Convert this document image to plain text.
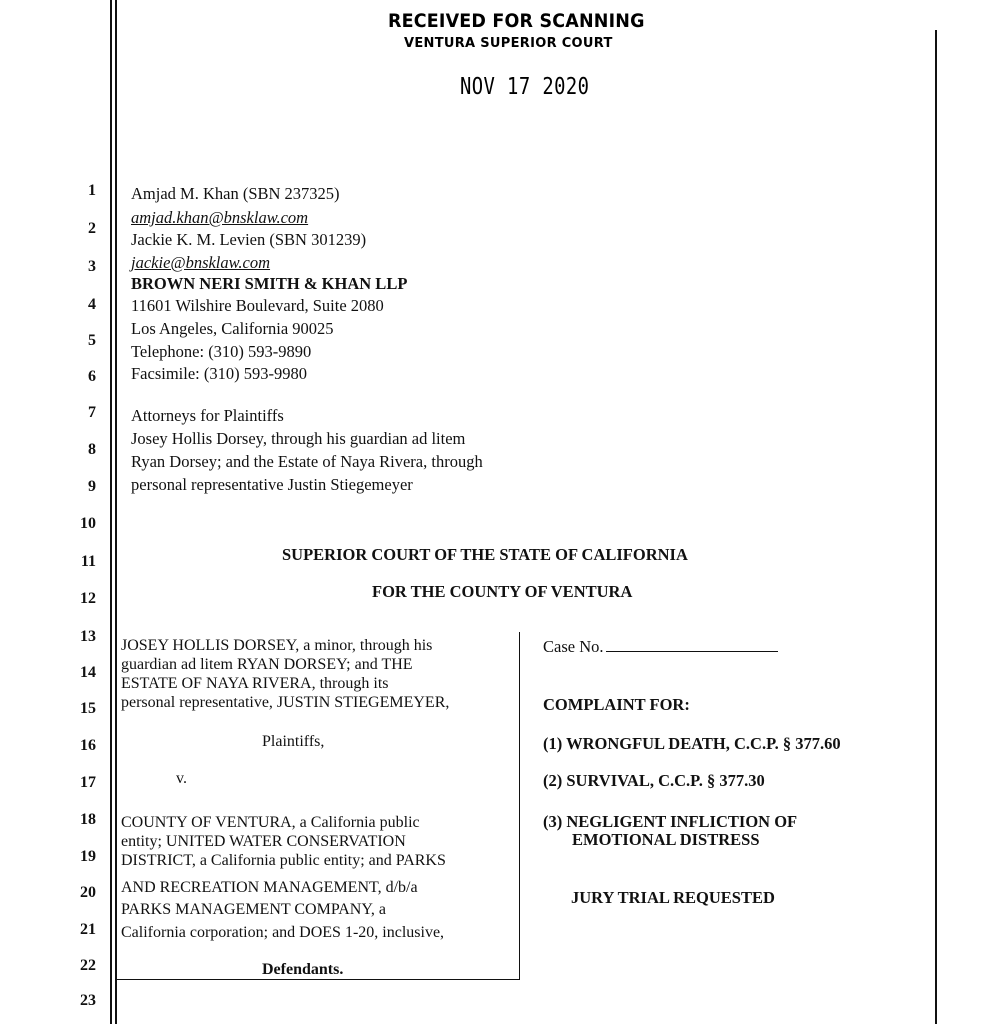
RECEIVED FOR SCANNING
VENTURA SUPERIOR COURT
NOV 17 2020
1
2
3
4
5
6
7
8
9
10
11
12
13
14
15
16
17
18
19
20
21
22
23
Amjad M. Khan (SBN 237325)
amjad.khan@bnsklaw.com
Jackie K. M. Levien (SBN 301239)
jackie@bnsklaw.com
BROWN NERI SMITH & KHAN LLP
11601 Wilshire Boulevard, Suite 2080
Los Angeles, California 90025
Telephone: (310) 593-9890
Facsimile: (310) 593-9980
Attorneys for Plaintiffs
Josey Hollis Dorsey, through his guardian ad litem
Ryan Dorsey; and the Estate of Naya Rivera, through
personal representative Justin Stiegemeyer
SUPERIOR COURT OF THE STATE OF CALIFORNIA
FOR THE COUNTY OF VENTURA
JOSEY HOLLIS DORSEY, a minor, through his
guardian ad litem RYAN DORSEY; and THE
ESTATE OF NAYA RIVERA, through its
personal representative, JUSTIN STIEGEMEYER,
Plaintiffs,
v.
COUNTY OF VENTURA, a California public
entity; UNITED WATER CONSERVATION
DISTRICT, a California public entity; and PARKS
AND RECREATION MANAGEMENT, d/b/a
PARKS MANAGEMENT COMPANY, a
California corporation; and DOES 1-20, inclusive,
Defendants.
Case No.
COMPLAINT FOR:
(1) WRONGFUL DEATH, C.C.P. § 377.60
(2) SURVIVAL, C.C.P. § 377.30
(3) NEGLIGENT INFLICTION OF
EMOTIONAL DISTRESS
JURY TRIAL REQUESTED
